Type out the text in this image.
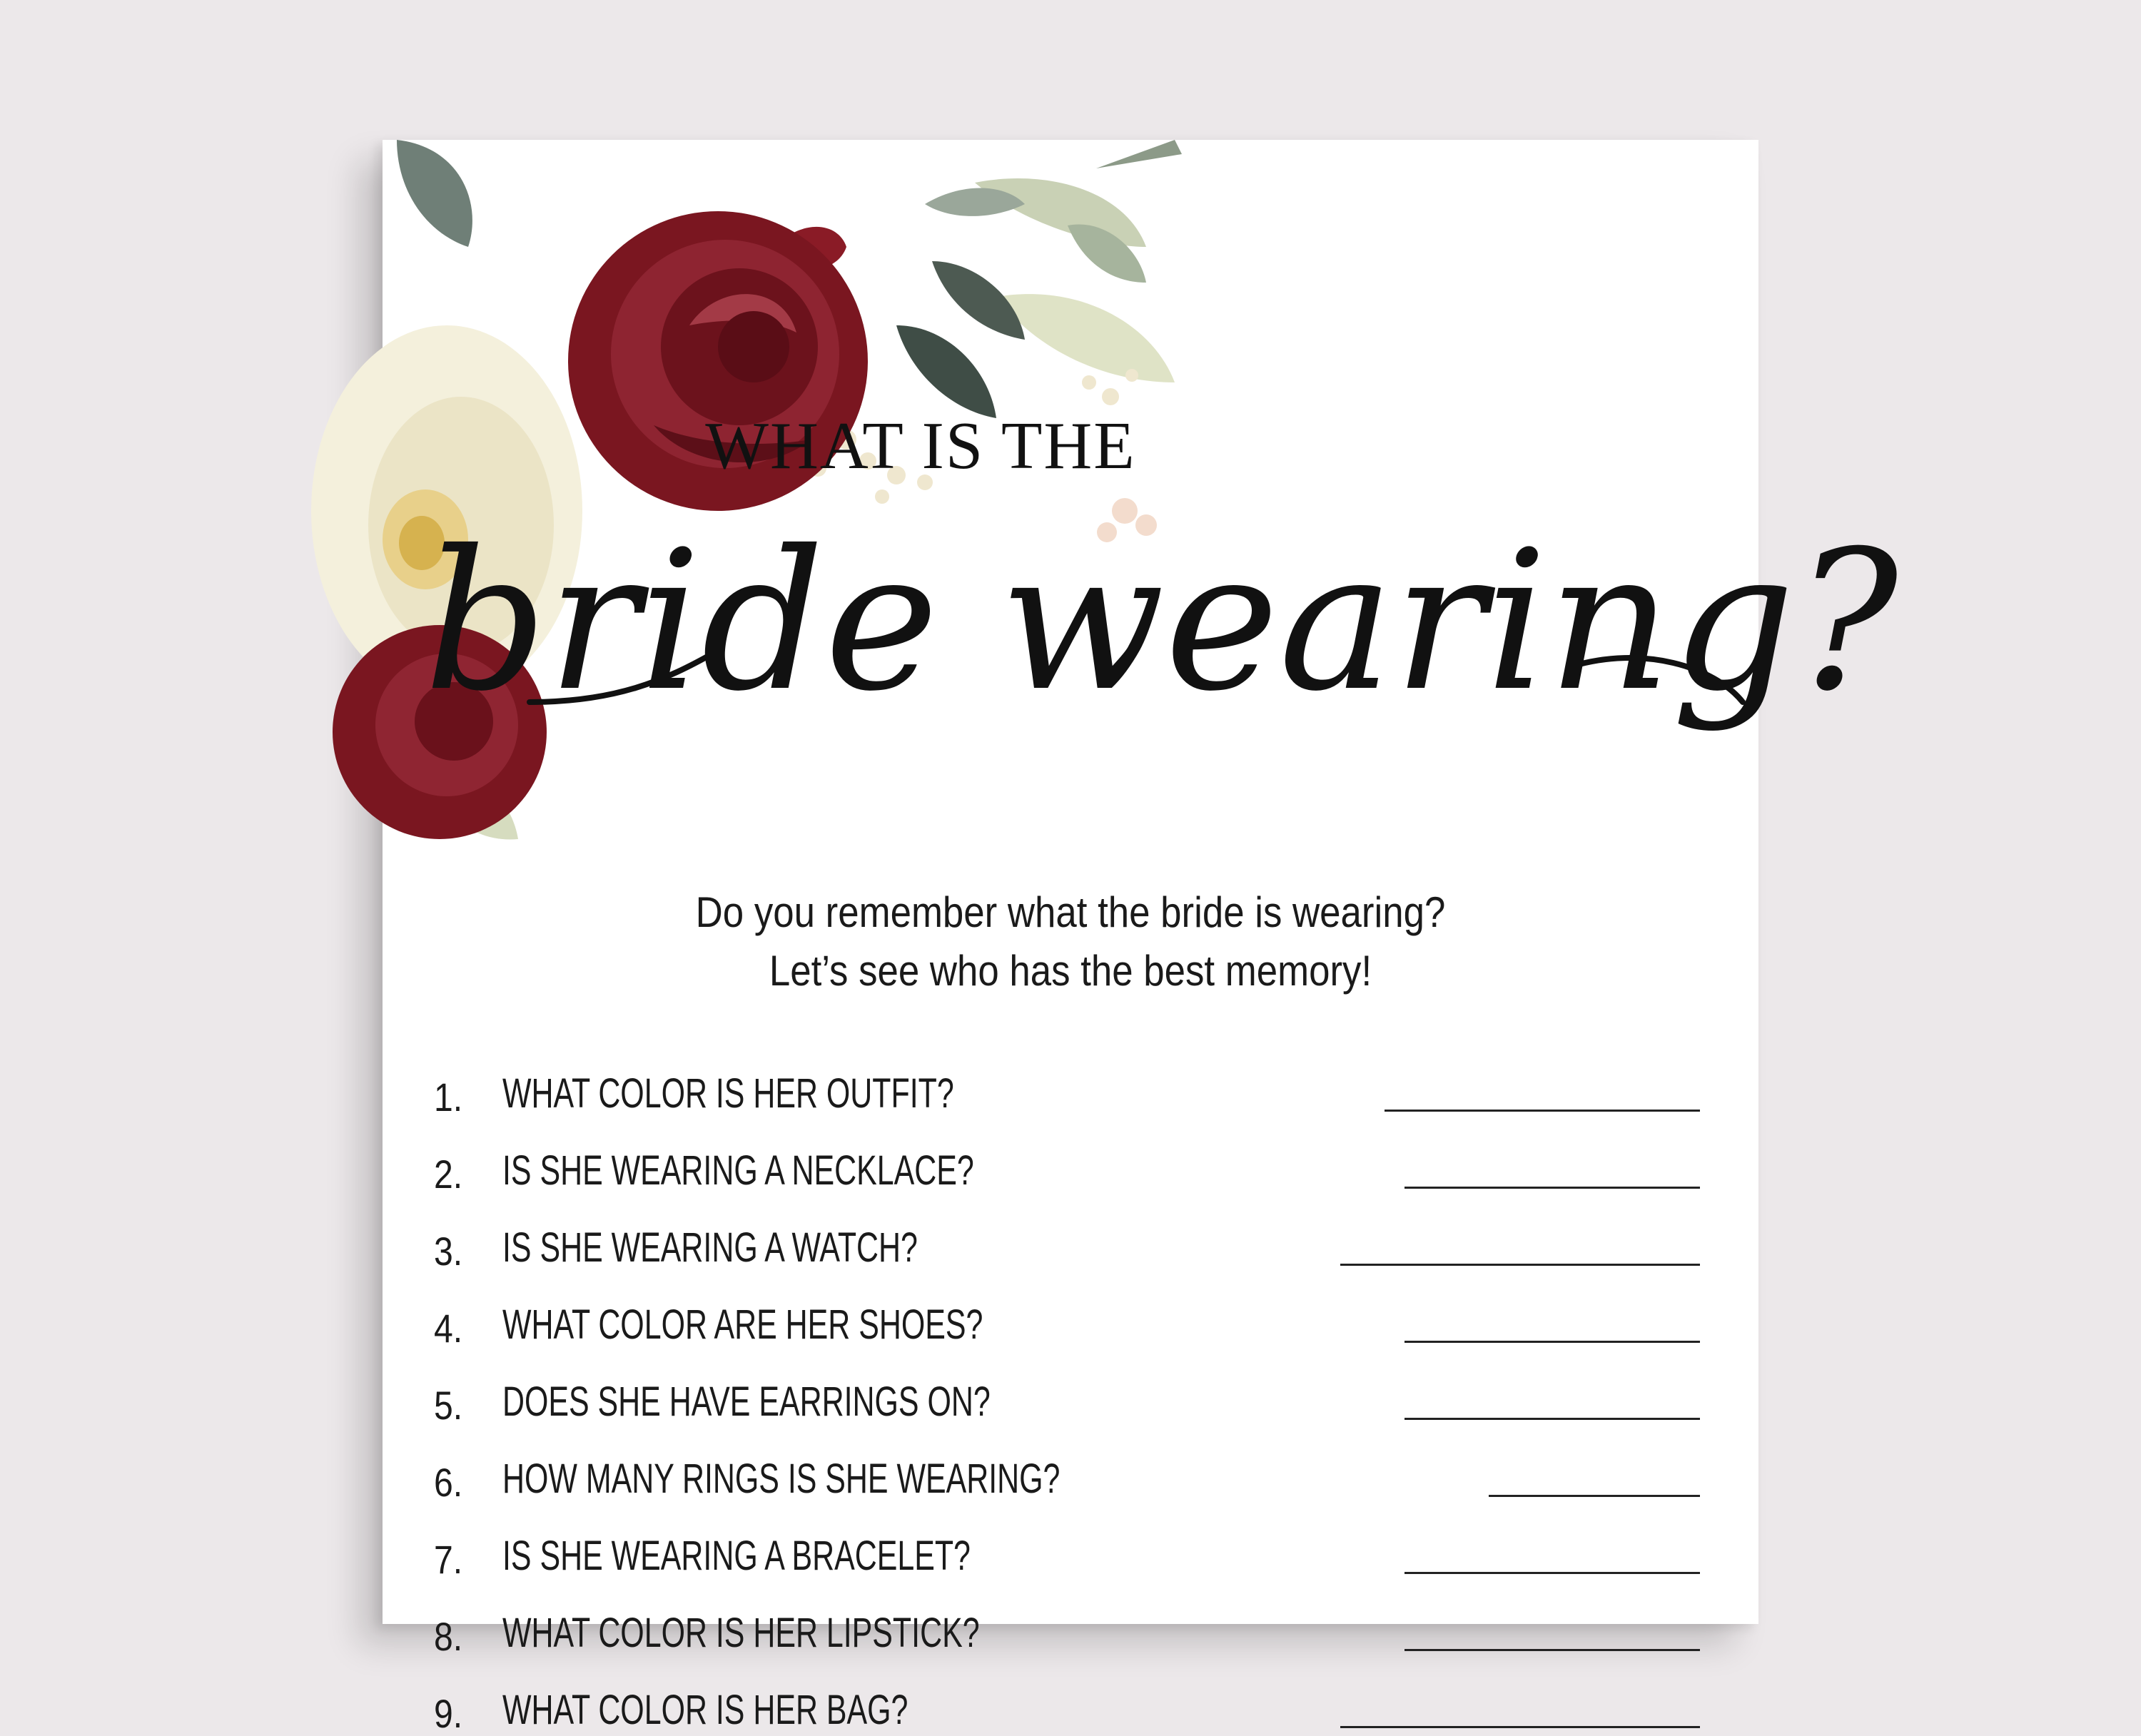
WHAT IS THE
bride wearing?
Do you remember what the bride is wearing?
Let’s see who has the best memory!
1. WHAT COLOR IS HER OUTFIT?
2. IS SHE WEARING A NECKLACE?
3. IS SHE WEARING A WATCH?
4. WHAT COLOR ARE HER SHOES?
5. DOES SHE HAVE EARRINGS ON?
6. HOW MANY RINGS IS SHE WEARING?
7. IS SHE WEARING A BRACELET?
8. WHAT COLOR IS HER LIPSTICK?
9. WHAT COLOR IS HER BAG?
